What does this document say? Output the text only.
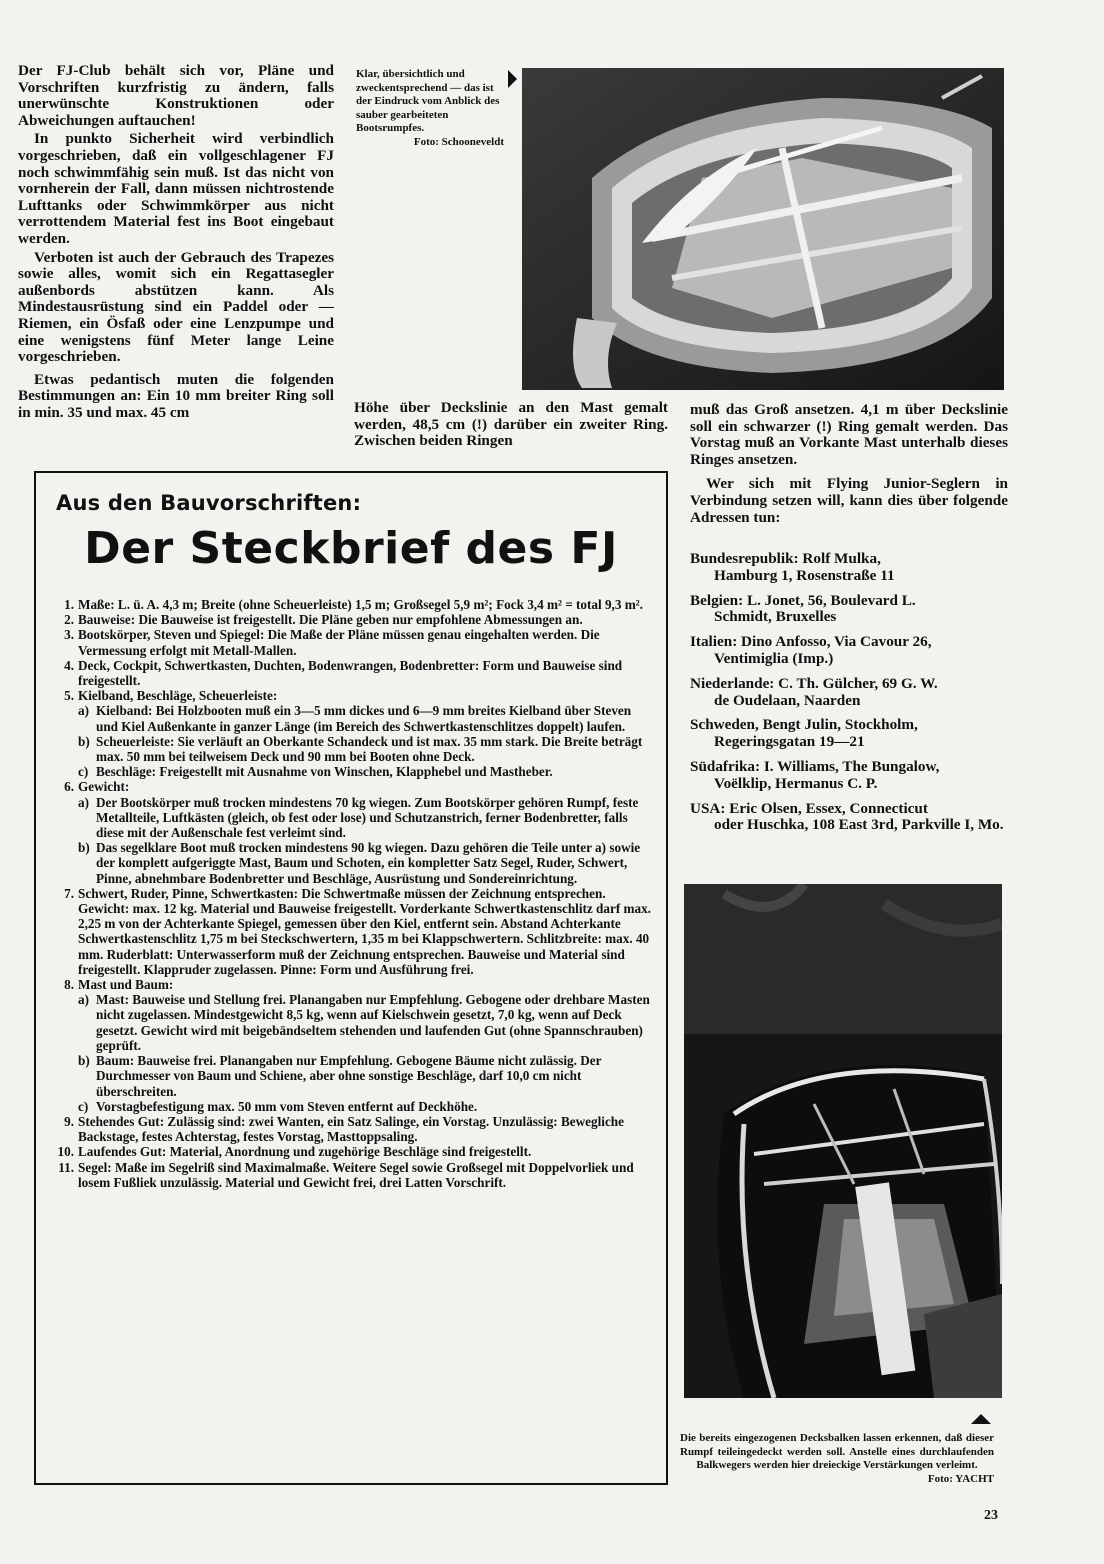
Der FJ-Club behält sich vor, Pläne und Vorschriften kurzfristig zu ändern, falls unerwünschte Konstruktionen oder Abweichungen auftauchen!

In punkto Sicherheit wird verbindlich vorgeschrieben, daß ein vollgeschlagener FJ noch schwimmfähig sein muß. Ist das nicht von vornherein der Fall, dann müssen nichtrostende Lufttanks oder Schwimmkörper aus nicht verrottendem Material fest ins Boot eingebaut werden.

Verboten ist auch der Gebrauch des Trapezes sowie alles, womit sich ein Regattasegler außenbords abstützen kann. Als Mindestausrüstung sind ein Paddel oder — Riemen, ein Ösfaß oder eine Lenzpumpe und eine wenigstens fünf Meter lange Leine vorgeschrieben.

Etwas pedantisch muten die folgenden Bestimmungen an: Ein 10 mm breiter Ring soll in min. 35 und max. 45 cm

Klar, übersichtlich und zweckentsprechend — das ist der Eindruck vom Anblick des sauber gearbeiteten Bootsrumpfes.
Foto: Schooneveldt

Höhe über Deckslinie an den Mast gemalt werden, 48,5 cm (!) darüber ein zweiter Ring. Zwischen beiden Ringen

muß das Groß ansetzen. 4,1 m über Deckslinie soll ein schwarzer (!) Ring gemalt werden. Das Vorstag muß an Vorkante Mast unterhalb dieses Ringes ansetzen.

Wer sich mit Flying Junior-Seglern in Verbindung setzen will, kann dies über folgende Adressen tun:

Bundesrepublik: Rolf Mulka,
Hamburg 1, Rosenstraße 11

Belgien: L. Jonet, 56, Boulevard L.
Schmidt, Bruxelles

Italien: Dino Anfosso, Via Cavour 26,
Ventimiglia (Imp.)

Niederlande: C. Th. Gülcher, 69 G. W.
de Oudelaan, Naarden

Schweden, Bengt Julin, Stockholm,
Regeringsgatan 19—21

Südafrika: I. Williams, The Bungalow,
Voëlklip, Hermanus C. P.

USA: Eric Olsen, Essex, Connecticut
oder Huschka, 108 East 3rd, Parkville I, Mo.

Die bereits eingezogenen Decksbalken lassen erkennen, daß dieser Rumpf teileingedeckt werden soll. Anstelle eines durchlaufenden Balkwegers werden hier dreieckige Verstärkungen verleimt.
Foto: YACHT
Aus den Bauvorschriften:
Der Steckbrief des FJ
1. Maße: L. ü. A. 4,3 m; Breite (ohne Scheuerleiste) 1,5 m; Großsegel 5,9 m²; Fock 3,4 m² = total 9,3 m².
2. Bauweise: Die Bauweise ist freigestellt. Die Pläne geben nur empfohlene Abmessungen an.
3. Bootskörper, Steven und Spiegel: Die Maße der Pläne müssen genau eingehalten werden. Die Vermessung erfolgt mit Metall-Mallen.
4. Deck, Cockpit, Schwertkasten, Duchten, Bodenwrangen, Bodenbretter: Form und Bauweise sind freigestellt.
5. Kielband, Beschläge, Scheuerleiste:
a) Kielband: Bei Holzbooten muß ein 3—5 mm dickes und 6—9 mm breites Kielband über Steven und Kiel Außenkante in ganzer Länge (im Bereich des Schwertkastenschlitzes doppelt) laufen.
b) Scheuerleiste: Sie verläuft an Oberkante Schandeck und ist max. 35 mm stark. Die Breite beträgt max. 50 mm bei teilweisem Deck und 90 mm bei Booten ohne Deck.
c) Beschläge: Freigestellt mit Ausnahme von Winschen, Klapphebel und Mastheber.
6. Gewicht:
a) Der Bootskörper muß trocken mindestens 70 kg wiegen. Zum Bootskörper gehören Rumpf, feste Metallteile, Luftkästen (gleich, ob fest oder lose) und Schutzanstrich, ferner Bodenbretter, falls diese mit der Außenschale fest verleimt sind.
b) Das segelklare Boot muß trocken mindestens 90 kg wiegen. Dazu gehören die Teile unter a) sowie der komplett aufgeriggte Mast, Baum und Schoten, ein kompletter Satz Segel, Ruder, Schwert, Pinne, abnehmbare Bodenbretter und Beschläge, Ausrüstung und Sondereinrichtung.
7. Schwert, Ruder, Pinne, Schwertkasten: Die Schwertmaße müssen der Zeichnung entsprechen. Gewicht: max. 12 kg. Material und Bauweise freigestellt. Vorderkante Schwertkastenschlitz darf max. 2,25 m von der Achterkante Spiegel, gemessen über den Kiel, entfernt sein. Abstand Achterkante Schwertkastenschlitz 1,75 m bei Steckschwertern, 1,35 m bei Klappschwertern. Schlitzbreite: max. 40 mm. Ruderblatt: Unterwasserform muß der Zeichnung entsprechen. Bauweise und Material sind freigestellt. Klappruder zugelassen. Pinne: Form und Ausführung frei.
8. Mast und Baum:
a) Mast: Bauweise und Stellung frei. Planangaben nur Empfehlung. Gebogene oder drehbare Masten nicht zugelassen. Mindestgewicht 8,5 kg, wenn auf Kielschwein gesetzt, 7,0 kg, wenn auf Deck gesetzt. Gewicht wird mit beigebändseltem stehenden und laufenden Gut (ohne Spannschrauben) geprüft.
b) Baum: Bauweise frei. Planangaben nur Empfehlung. Gebogene Bäume nicht zulässig. Der Durchmesser von Baum und Schiene, aber ohne sonstige Beschläge, darf 10,0 cm nicht überschreiten.
c) Vorstagbefestigung max. 50 mm vom Steven entfernt auf Deckhöhe.
9. Stehendes Gut: Zulässig sind: zwei Wanten, ein Satz Salinge, ein Vorstag. Unzulässig: Bewegliche Backstage, festes Achterstag, festes Vorstag, Masttoppsaling.
10. Laufendes Gut: Material, Anordnung und zugehörige Beschläge sind freigestellt.
11. Segel: Maße im Segelriß sind Maximalmaße. Weitere Segel sowie Großsegel mit Doppelvorliek und losem Fußliek unzulässig. Material und Gewicht frei, drei Latten Vorschrift.
23
